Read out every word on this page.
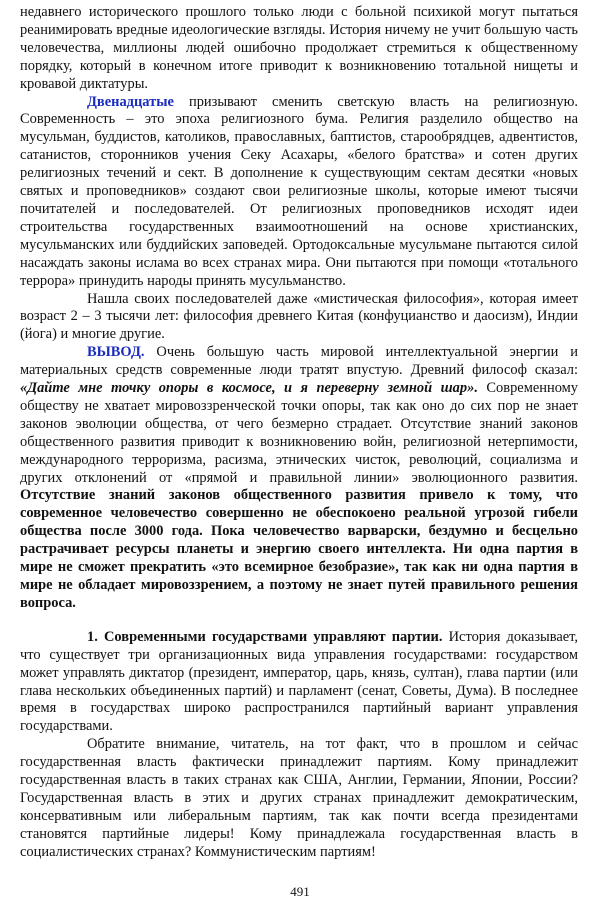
недавнего исторического прошлого только люди с больной психикой могут пытаться реанимировать вредные идеологические взгляды. История ничему не учит большую часть человечества, миллионы людей ошибочно продолжает стремиться к общественному порядку, который в конечном итоге приводит к возникновению тотальной нищеты и кровавой диктатуры.

Двенадцатые призывают сменить светскую власть на религиозную. Современность – это эпоха религиозного бума. Религия разделило общество на мусульман, буддистов, католиков, православных, баптистов, старообрядцев, адвентистов, сатанистов, сторонников учения Секу Асахары, «белого братства» и сотен других религиозных течений и сект. В дополнение к существующим сектам десятки «новых святых и проповедников» создают свои религиозные школы, которые имеют тысячи почитателей и последователей. От религиозных проповедников исходят идеи строительства государственных взаимоотношений на основе христианских, мусульманских или буддийских заповедей. Ортодоксальные мусульмане пытаются силой насаждать законы ислама во всех странах мира. Они пытаются при помощи «тотального террора» принудить народы принять мусульманство.

Нашла своих последователей даже «мистическая философия», которая имеет возраст 2 – 3 тысячи лет: философия древнего Китая (конфуцианство и даосизм), Индии (йога) и многие другие.

ВЫВОД. Очень большую часть мировой интеллектуальной энергии и материальных средств современные люди тратят впустую. Древний философ сказал: «Дайте мне точку опоры в космосе, и я переверну земной шар». Современному обществу не хватает мировоззренческой точки опоры, так как оно до сих пор не знает законов эволюции общества, от чего безмерно страдает. Отсутствие знаний законов общественного развития приводит к возникновению войн, религиозной нетерпимости, международного терроризма, расизма, этнических чисток, революций, социализма и других отклонений от «прямой и правильной линии» эволюционного развития. Отсутствие знаний законов общественного развития привело к тому, что современное человечество совершенно не обеспокоено реальной угрозой гибели общества после 3000 года. Пока человечество варварски, бездумно и бесцельно растрачивает ресурсы планеты и энергию своего интеллекта. Ни одна партия в мире не сможет прекратить «это всемирное безобразие», так как ни одна партия в мире не обладает мировоззрением, а поэтому не знает путей правильного решения вопроса.

1. Современными государствами управляют партии. История доказывает, что существует три организационных вида управления государствами: государством может управлять диктатор (президент, император, царь, князь, султан), глава партии (или глава нескольких объединенных партий) и парламент (сенат, Советы, Дума). В последнее время в государствах широко распространился партийный вариант управления государствами.

Обратите внимание, читатель, на тот факт, что в прошлом и сейчас государственная власть фактически принадлежит партиям. Кому принадлежит государственная власть в таких странах как США, Англии, Германии, Японии, России? Государственная власть в этих и других странах принадлежит демократическим, консервативным или либеральным партиям, так как почти всегда президентами становятся партийные лидеры! Кому принадлежала государственная власть в социалистических странах? Коммунистическим партиям!

491
